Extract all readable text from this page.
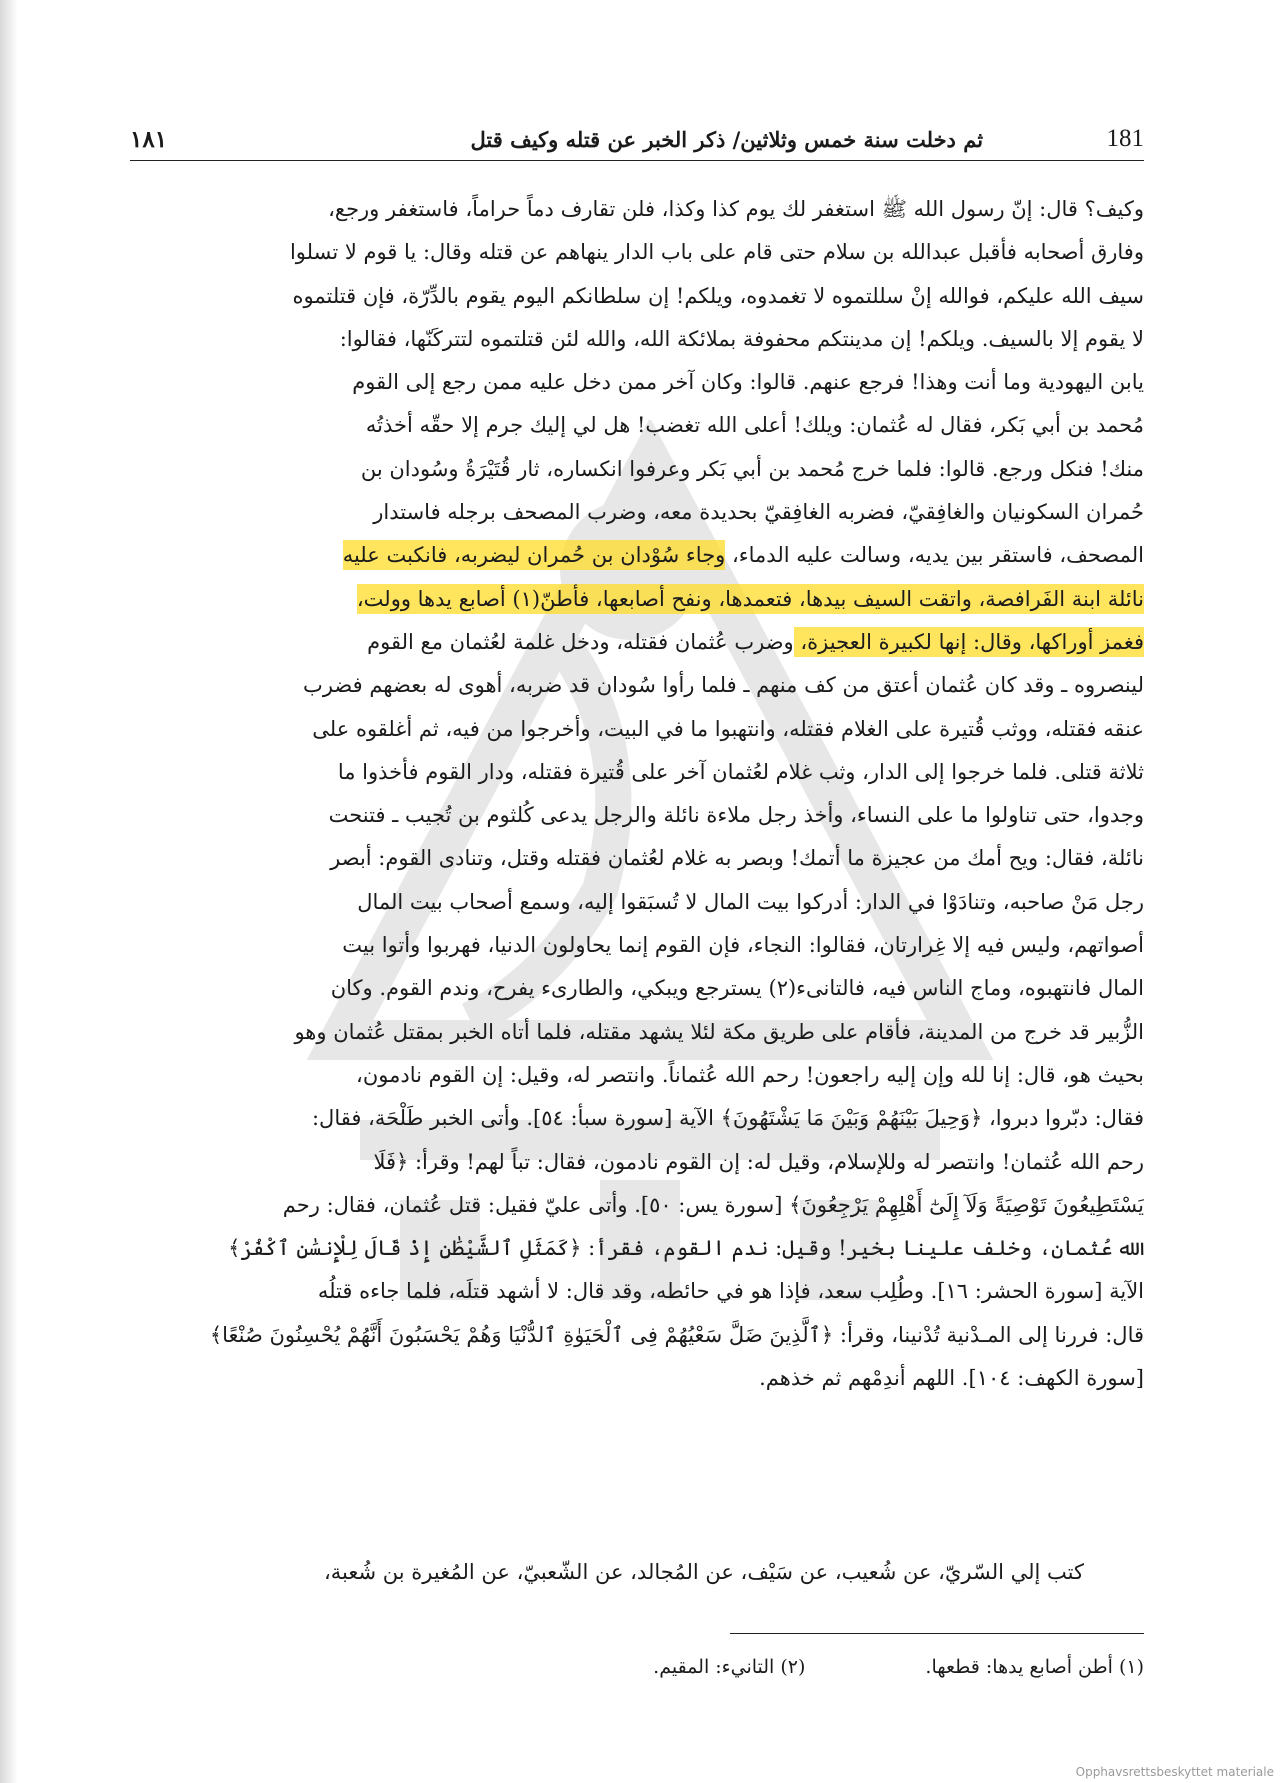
١٨١	ثم دخلت سنة خمس وثلاثين/ ذكر الخبر عن قتله وكيف قتل	181

وكيف؟ قال: إنّ رسول الله ﷺ استغفر لك يوم كذا وكذا، فلن تقارف دماً حراماً، فاستغفر ورجع،
وفارق أصحابه فأقبل عبدالله بن سلام حتى قام على باب الدار ينهاهم عن قتله وقال: يا قوم لا تسلوا
سيف الله عليكم، فوالله إنْ سللتموه لا تغمدوه، ويلكم! إن سلطانكم اليوم يقوم بالدِّرّة، فإن قتلتموه
لا يقوم إلا بالسيف. ويلكم! إن مدينتكم محفوفة بملائكة الله، والله لئن قتلتموه لتتركَنّها، فقالوا:
يابن اليهودية وما أنت وهذا! فرجع عنهم. قالوا: وكان آخر ممن دخل عليه ممن رجع إلى القوم
مُحمد بن أبي بَكر، فقال له عُثمان: ويلك! أعلى الله تغضب! هل لي إليك جرم إلا حقّه أخذتُه
منك! فنكل ورجع. قالوا: فلما خرج مُحمد بن أبي بَكر وعرفوا انكساره، ثار قُتَيْرَةُ وسُودان بن
حُمران السكونيان والغافِقيّ، فضربه الغافِقيّ بحديدة معه، وضرب المصحف برجله فاستدار
المصحف، فاستقر بين يديه، وسالت عليه الدماء، وجاء سُوْدان بن حُمران ليضربه، فانكبت عليه
نائلة ابنة الفَرافصة، واتقت السيف بيدها، فتعمدها، ونفح أصابعها، فأطنّ(١) أصابع يدها وولت،
فغمز أوراكها، وقال: إنها لكبيرة العجيزة، وضرب عُثمان فقتله، ودخل غلمة لعُثمان مع القوم
لينصروه ـ وقد كان عُثمان أعتق من كف منهم ـ فلما رأوا سُودان قد ضربه، أهوى له بعضهم فضرب
عنقه فقتله، ووثب قُتيرة على الغلام فقتله، وانتهبوا ما في البيت، وأخرجوا من فيه، ثم أغلقوه على
ثلاثة قتلى. فلما خرجوا إلى الدار، وثب غلام لعُثمان آخر على قُتيرة فقتله، ودار القوم فأخذوا ما
وجدوا، حتى تناولوا ما على النساء، وأخذ رجل ملاءة نائلة والرجل يدعى كُلثوم بن تُجيب ـ فتنحت
نائلة، فقال: ويح أمك من عجيزة ما أتمك! وبصر به غلام لعُثمان فقتله وقتل، وتنادى القوم: أبصر
رجل مَنْ صاحبه، وتنادَوْا في الدار: أدركوا بيت المال لا تُسبَقوا إليه، وسمع أصحاب بيت المال
أصواتهم، وليس فيه إلا غِرارتان، فقالوا: النجاء، فإن القوم إنما يحاولون الدنيا، فهربوا وأتوا بيت
المال فانتهبوه، وماج الناس فيه، فالتانىء(٢) يسترجع ويبكي، والطارىء يفرح، وندم القوم. وكان
الزُّبير قد خرج من المدينة، فأقام على طريق مكة لئلا يشهد مقتله، فلما أتاه الخبر بمقتل عُثمان وهو
بحيث هو، قال: إنا لله وإن إليه راجعون! رحم الله عُثماناً. وانتصر له، وقيل: إن القوم نادمون،
فقال: دبّروا دبروا، ﴿وَحِيلَ بَيْنَهُمْ وَبَيْنَ مَا يَشْتَهُونَ﴾ الآية [سورة سبأ: ٥٤]. وأتى الخبر طَلْحَة، فقال:
رحم الله عُثمان! وانتصر له وللإسلام، وقيل له: إن القوم نادمون، فقال: تباً لهم! وقرأ: ﴿فَلَا
يَسْتَطِيعُونَ تَوْصِيَةً وَلَآ إِلَىٰٓ أَهْلِهِمْ يَرْجِعُونَ﴾ [سورة يس: ٥٠]. وأتى عليّ فقيل: قتل عُثمان، فقال: رحم
الله عُثمان، وخلف علينا بخير! وقيل: ندم القوم، فقرأ: ﴿كَمَثَلِ ٱلشَّيْطَٰنِ إِذْ قَالَ لِلْإِنسَٰنِ ٱكْفُرْ﴾
الآية [سورة الحشر: ١٦]. وطُلِب سعد، فإذا هو في حائطه، وقد قال: لا أشهد قتلَه، فلما جاءه قتلُه
قال: فررنا إلى المـدْنية تُدْنينا، وقرأ: ﴿ٱلَّذِينَ ضَلَّ سَعْيُهُمْ فِى ٱلْحَيَوٰةِ ٱلدُّنْيَا وَهُمْ يَحْسَبُونَ أَنَّهُمْ يُحْسِنُونَ صُنْعًا﴾
[سورة الكهف: ١٠٤]. اللهم أندِمْهم ثم خذهم.

كتب إلي السّريّ، عن شُعيب، عن سَيْف، عن المُجالد، عن الشّعبيّ، عن المُغيرة بن شُعبة،
(١) أطن أصابع يدها: قطعها.
(٢) التانيء: المقيم.
Opphavsrettsbeskyttet materiale
